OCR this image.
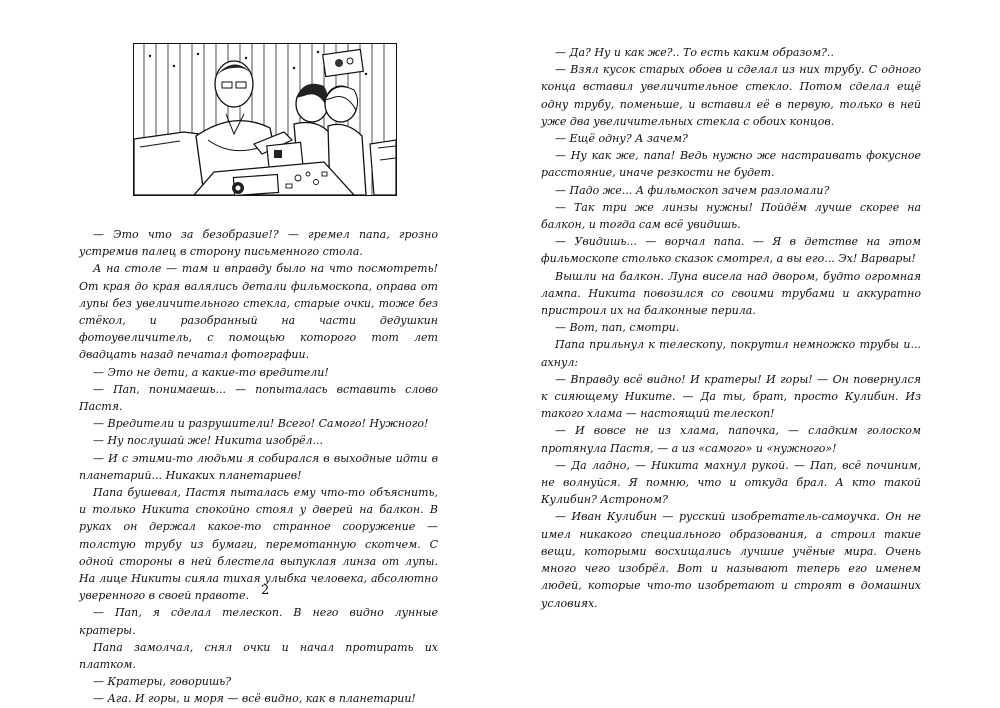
— Это что за безобразие!? — гремел папа, грозно устремив палец в сторону письменного стола.

А на столе — там и вправду было на что посмотреть! От края до края валялись детали фильмоскопа, оправа от лупы без увеличительного стекла, старые очки, тоже без стёкол, и разобранный на части дедушкин фотоувеличитель, с помощью которого тот лет двадцать назад печатал фотографии.

— Это не дети, а какие-то вредители!

— Пап, понимаешь... — попыталась вставить слово Пастя.

— Вредители и разрушители! Всего! Самого! Нужного!

— Ну послушай же! Никита изобрёл...

— И с этими-то людьми я собирался в выходные идти в планетарий... Никаких планетариев!

Папа бушевал, Пастя пыталась ему что-то объяснить, и только Никита спокойно стоял у дверей на балкон. В руках он держал какое-то странное сооружение — толстую трубу из бумаги, перемотанную скотчем. С одной стороны в ней блестела выпуклая линза от лупы. На лице Никиты сияла тихая улыбка человека, абсолютно уверенного в своей правоте.

— Пап, я сделал телескоп. В него видно лунные кратеры.

Папа замолчал, снял очки и начал протирать их платком.

— Кратеры, говоришь?

— Ага. И горы, и моря — всё видно, как в планетарии!

2

— Да? Ну и как же?.. То есть каким образом?..

— Взял кусок старых обоев и сделал из них трубу. С одного конца вставил увеличительное стекло. Потом сделал ещё одну трубу, поменьше, и вставил её в первую, только в ней уже два увеличительных стекла с обоих концов.

— Ещё одну? А зачем?

— Ну как же, папа! Ведь нужно же настраивать фокусное расстояние, иначе резкости не будет.

— Падо же... А фильмоскоп зачем разломали?

— Так три же линзы нужны! Пойдём лучше скорее на балкон, и тогда сам всё увидишь.

— Увидишь... — ворчал папа. — Я в детстве на этом фильмоскопе столько сказок смотрел, а вы его... Эх! Варвары!

Вышли на балкон. Луна висела над двором, будто огромная лампа. Никита повозился со своими трубами и аккуратно пристроил их на балконные перила.

— Вот, пап, смотри.

Папа прильнул к телескопу, покрутил немножко трубы и... ахнул:

— Вправду всё видно! И кратеры! И горы! — Он повернулся к сияющему Никите. — Да ты, брат, просто Кулибин. Из такого хлама — настоящий телескоп!

— И вовсе не из хлама, папочка, — сладким голоском протянула Пастя, — а из «самого» и «нужного»!

— Да ладно, — Никита махнул рукой. — Пап, всё починим, не волнуйся. Я помню, что и откуда брал. А кто такой Кулибин? Астроном?

— Иван Кулибин — русский изобретатель-самоучка. Он не имел никакого специального образования, а строил такие вещи, которыми восхищались лучшие учёные мира. Очень много чего изобрёл. Вот и называют теперь его именем людей, которые что-то изобретают и строят в домашних условиях.
